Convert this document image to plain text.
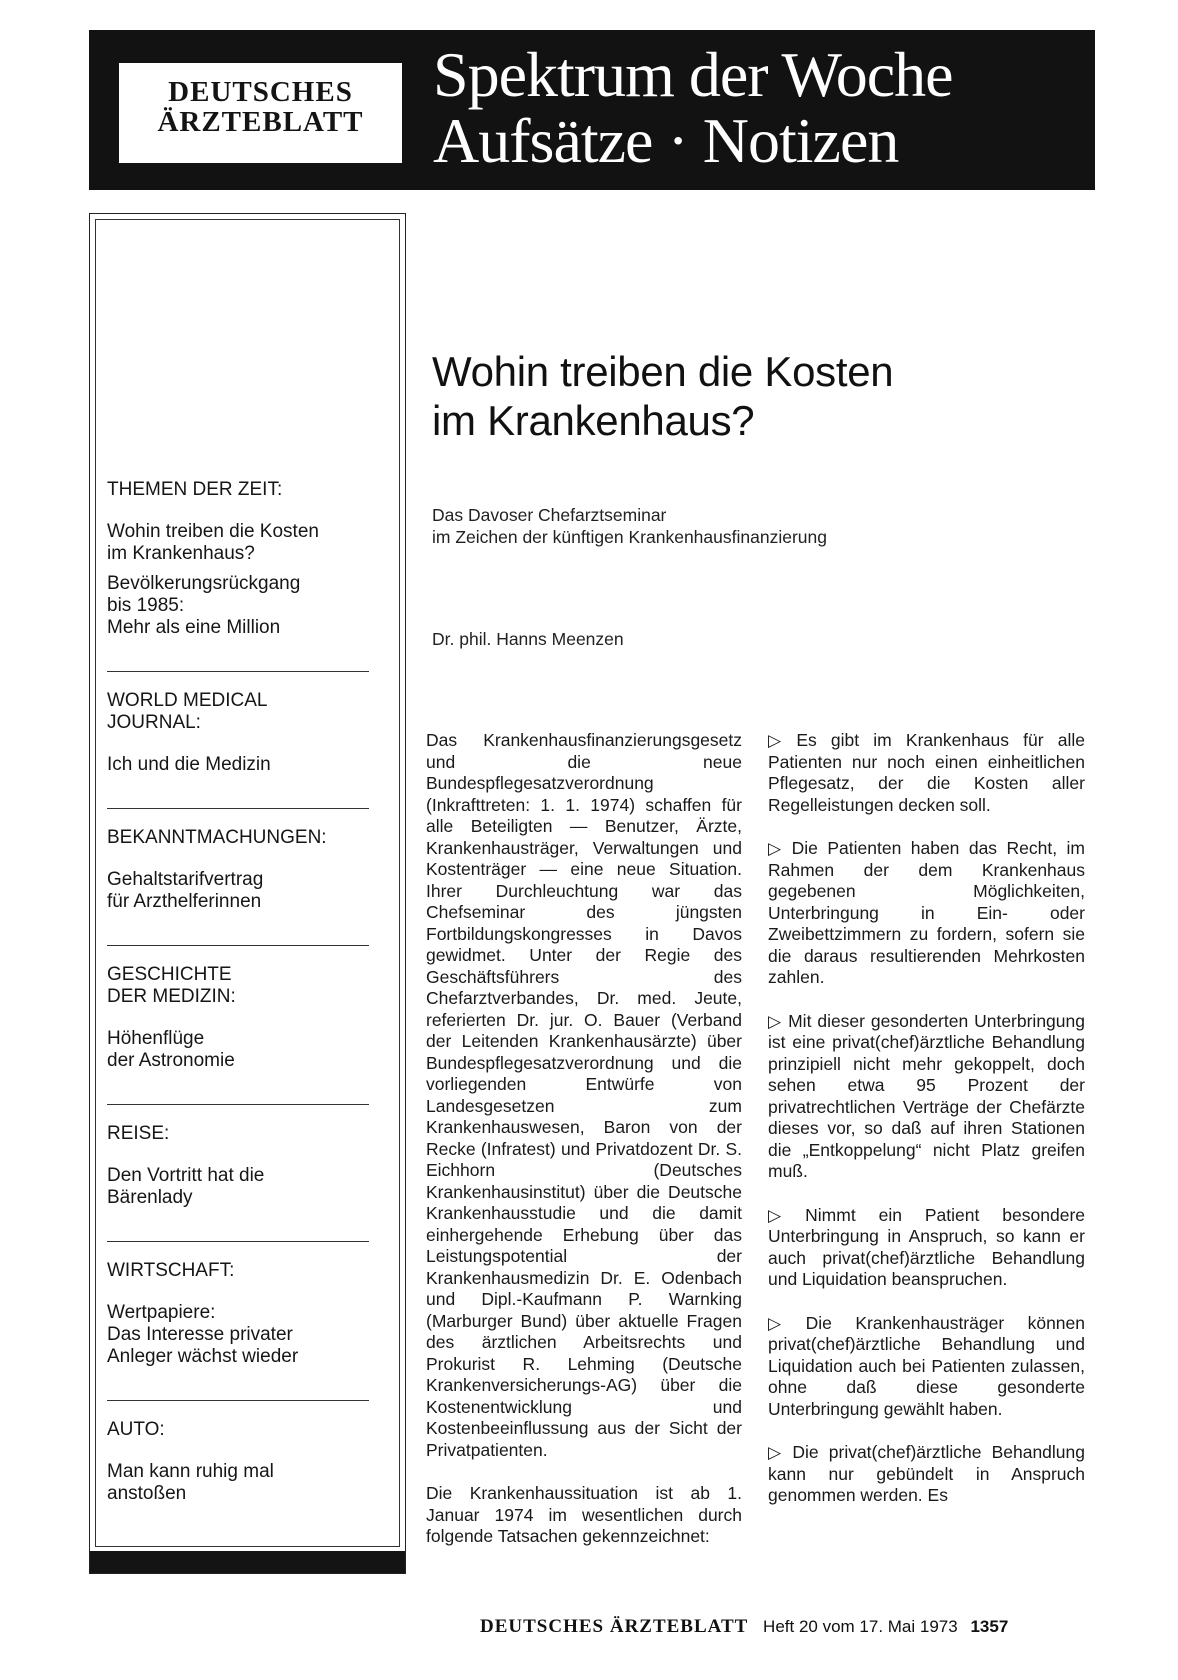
DEUTSCHES
ÄRZTEBLATT
Spektrum der Woche
Aufsätze · Notizen
THEMEN DER ZEIT:
Wohin treiben die Kosten
im Krankenhaus?
Bevölkerungsrückgang
bis 1985:
Mehr als eine Million
WORLD MEDICAL
JOURNAL:
Ich und die Medizin
BEKANNTMACHUNGEN:
Gehaltstarifvertrag
für Arzthelferinnen
GESCHICHTE
DER MEDIZIN:
Höhenflüge
der Astronomie
REISE:
Den Vortritt hat die
Bärenlady
WIRTSCHAFT:
Wertpapiere:
Das Interesse privater
Anleger wächst wieder
AUTO:
Man kann ruhig mal
anstoßen
Wohin treiben die Kosten
im Krankenhaus?
Das Davoser Chefarztseminar
im Zeichen der künftigen Krankenhausfinanzierung
Dr. phil. Hanns Meenzen

Das Krankenhausfinanzierungsgesetz und die neue Bundespflegesatzverordnung (Inkrafttreten: 1. 1. 1974) schaffen für alle Beteiligten — Benutzer, Ärzte, Krankenhausträger, Verwaltungen und Kostenträger — eine neue Situation. Ihrer Durchleuchtung war das Chefseminar des jüngsten Fortbildungskongresses in Davos gewidmet. Unter der Regie des Geschäftsführers des Chefarztverbandes, Dr. med. Jeute, referierten Dr. jur. O. Bauer (Verband der Leitenden Krankenhausärzte) über Bundespflegesatzverordnung und die vorliegenden Entwürfe von Landesgesetzen zum Krankenhauswesen, Baron von der Recke (Infratest) und Privatdozent Dr. S. Eichhorn (Deutsches Krankenhausinstitut) über die Deutsche Krankenhausstudie und die damit einhergehende Erhebung über das Leistungspotential der Krankenhausmedizin Dr. E. Odenbach und Dipl.-Kaufmann P. Warnking (Marburger Bund) über aktuelle Fragen des ärztlichen Arbeitsrechts und Prokurist R. Lehming (Deutsche Krankenversicherungs-AG) über die Kostenentwicklung und Kostenbeeinflussung aus der Sicht der Privatpatienten.

Die Krankenhaussituation ist ab 1. Januar 1974 im wesentlichen durch folgende Tatsachen gekennzeichnet:

▷ Es gibt im Krankenhaus für alle Patienten nur noch einen einheitlichen Pflegesatz, der die Kosten aller Regelleistungen decken soll.

▷ Die Patienten haben das Recht, im Rahmen der dem Krankenhaus gegebenen Möglichkeiten, Unterbringung in Ein- oder Zweibettzimmern zu fordern, sofern sie die daraus resultierenden Mehrkosten zahlen.

▷ Mit dieser gesonderten Unterbringung ist eine privat(chef)ärztliche Behandlung prinzipiell nicht mehr gekoppelt, doch sehen etwa 95 Prozent der privatrechtlichen Verträge der Chefärzte dieses vor, so daß auf ihren Stationen die „Entkoppelung“ nicht Platz greifen muß.

▷ Nimmt ein Patient besondere Unterbringung in Anspruch, so kann er auch privat(chef)ärztliche Behandlung und Liquidation beanspruchen.

▷ Die Krankenhausträger können privat(chef)ärztliche Behandlung und Liquidation auch bei Patienten zulassen, ohne daß diese gesonderte Unterbringung gewählt haben.

▷ Die privat(chef)ärztliche Behandlung kann nur gebündelt in Anspruch genommen werden. Es

DEUTSCHES ÄRZTEBLATT Heft 20 vom 17. Mai 1973 1357
